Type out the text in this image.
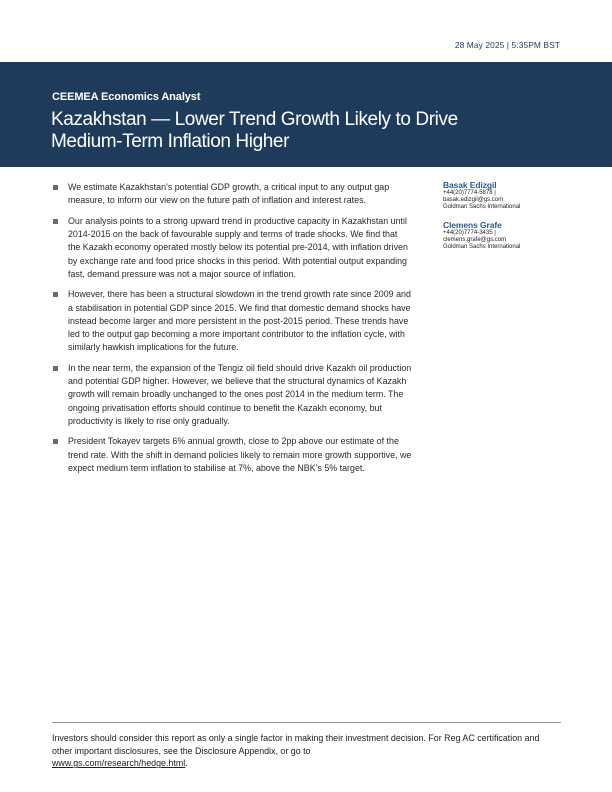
28 May 2025 | 5:35PM BST
CEEMEA Economics Analyst
Kazakhstan — Lower Trend Growth Likely to Drive Medium-Term Inflation Higher
We estimate Kazakhstan’s potential GDP growth, a critical input to any output gap measure, to inform our view on the future path of inflation and interest rates.
Our analysis points to a strong upward trend in productive capacity in Kazakhstan until 2014-2015 on the back of favourable supply and terms of trade shocks. We find that the Kazakh economy operated mostly below its potential pre-2014, with inflation driven by exchange rate and food price shocks in this period. With potential output expanding fast, demand pressure was not a major source of inflation.
However, there has been a structural slowdown in the trend growth rate since 2009 and a stabilisation in potential GDP since 2015. We find that domestic demand shocks have instead become larger and more persistent in the post-2015 period. These trends have led to the output gap becoming a more important contributor to the inflation cycle, with similarly hawkish implications for the future.
In the near term, the expansion of the Tengiz oil field should drive Kazakh oil production and potential GDP higher. However, we believe that the structural dynamics of Kazakh growth will remain broadly unchanged to the ones post 2014 in the medium term. The ongoing privatisation efforts should continue to benefit the Kazakh economy, but productivity is likely to rise only gradually.
President Tokayev targets 6% annual growth, close to 2pp above our estimate of the trend rate. With the shift in demand policies likely to remain more growth supportive, we expect medium term inflation to stabilise at 7%, above the NBK’s 5% target.
Basak Edizgil
+44(20)7774-5878 |
basak.edizgil@gs.com
Goldman Sachs International
Clemens Grafe
+44(20)7774-3435 |
clemens.grafe@gs.com
Goldman Sachs International
Investors should consider this report as only a single factor in making their investment decision. For Reg AC certification and other important disclosures, see the Disclosure Appendix, or go to
www.gs.com/research/hedge.html.
